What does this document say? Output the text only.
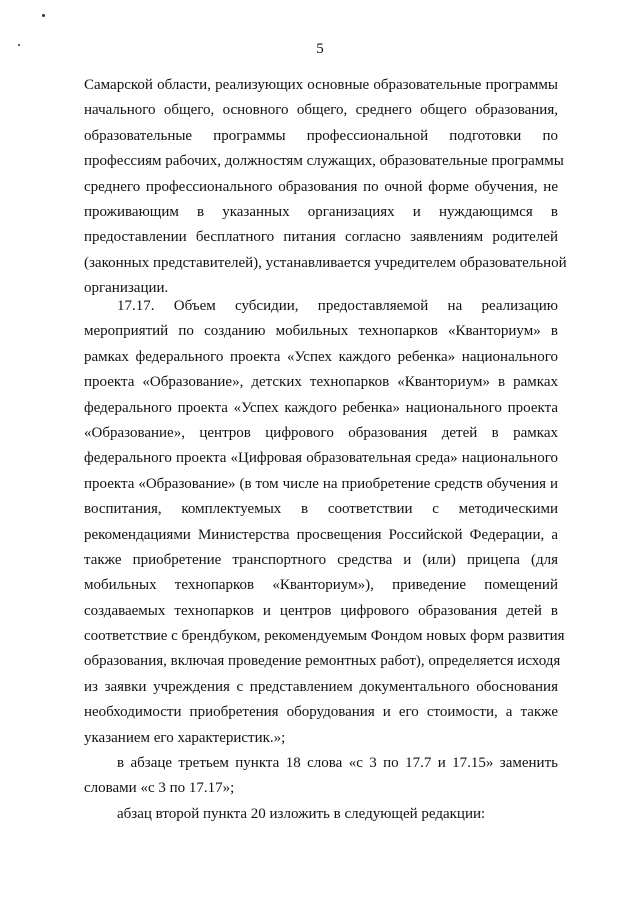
5
Самарской области, реализующих основные образовательные программы
начального общего, основного общего, среднего общего образования,
образовательные программы профессиональной подготовки по
профессиям рабочих, должностям служащих, образовательные программы
среднего профессионального образования по очной форме обучения, не
проживающим в указанных организациях и нуждающимся в
предоставлении бесплатного питания согласно заявлениям родителей
(законных представителей), устанавливается учредителем образовательной
организации.
17.17. Объем субсидии, предоставляемой на реализацию
мероприятий по созданию мобильных технопарков «Кванториум» в
рамках федерального проекта «Успех каждого ребенка» национального
проекта «Образование», детских технопарков «Кванториум» в рамках
федерального проекта «Успех каждого ребенка» национального проекта
«Образование», центров цифрового образования детей в рамках
федерального проекта «Цифровая образовательная среда» национального
проекта «Образование» (в том числе на приобретение средств обучения и
воспитания, комплектуемых в соответствии с методическими
рекомендациями Министерства просвещения Российской Федерации, а
также приобретение транспортного средства и (или) прицепа (для
мобильных технопарков «Кванториум»), приведение помещений
создаваемых технопарков и центров цифрового образования детей в
соответствие с брендбуком, рекомендуемым Фондом новых форм развития
образования, включая проведение ремонтных работ), определяется исходя
из заявки учреждения с представлением документального обоснования
необходимости приобретения оборудования и его стоимости, а также
указанием его характеристик.»;
в абзаце третьем пункта 18 слова «с 3 по 17.7 и 17.15» заменить
словами «с 3 по 17.17»;
абзац второй пункта 20 изложить в следующей редакции:
